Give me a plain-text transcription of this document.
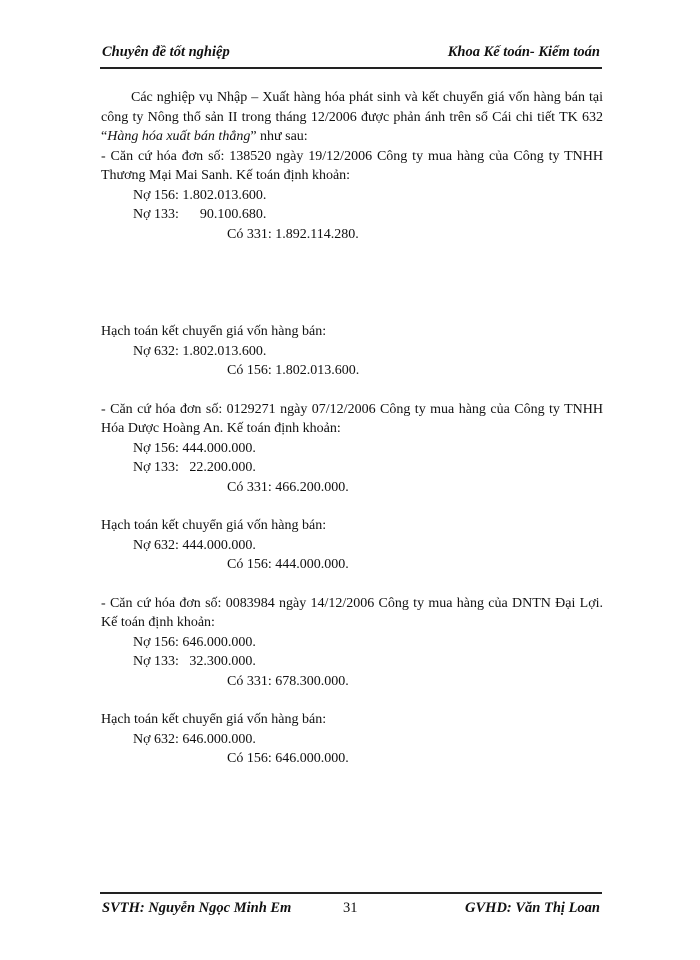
Chuyên đề tốt nghiệp	Khoa Kế toán- Kiểm toán

Các nghiệp vụ Nhập – Xuất hàng hóa phát sinh và kết chuyển giá vốn hàng bán tại công ty Nông thổ sản II trong tháng 12/2006 được phản ánh trên sổ Cái chi tiết TK 632 “Hàng hóa xuất bán thẳng” như sau:

- Căn cứ hóa đơn số: 138520 ngày 19/12/2006 Công ty mua hàng của Công ty TNHH Thương Mại Mai Sanh. Kế toán định khoản:

Nợ 156: 1.802.013.600.
Nợ 133:      90.100.680.
Có 331: 1.892.114.280.

Hạch toán kết chuyển giá vốn hàng bán:

Nợ 632: 1.802.013.600.
Có 156: 1.802.013.600.

- Căn cứ hóa đơn số: 0129271 ngày 07/12/2006 Công ty mua hàng của Công ty TNHH Hóa Dược Hoàng An. Kế toán định khoản:

Nợ 156: 444.000.000.
Nợ 133:   22.200.000.
Có 331: 466.200.000.

Hạch toán kết chuyển giá vốn hàng bán:

Nợ 632: 444.000.000.
Có 156: 444.000.000.

- Căn cứ hóa đơn số: 0083984 ngày 14/12/2006 Công ty mua hàng của DNTN Đại Lợi. Kế toán định khoản:

Nợ 156: 646.000.000.
Nợ 133:   32.300.000.
Có 331: 678.300.000.

Hạch toán kết chuyển giá vốn hàng bán:

Nợ 632: 646.000.000.
Có 156: 646.000.000.
SVTH: Nguyễn Ngọc Minh Em	31	GVHD: Văn Thị Loan
